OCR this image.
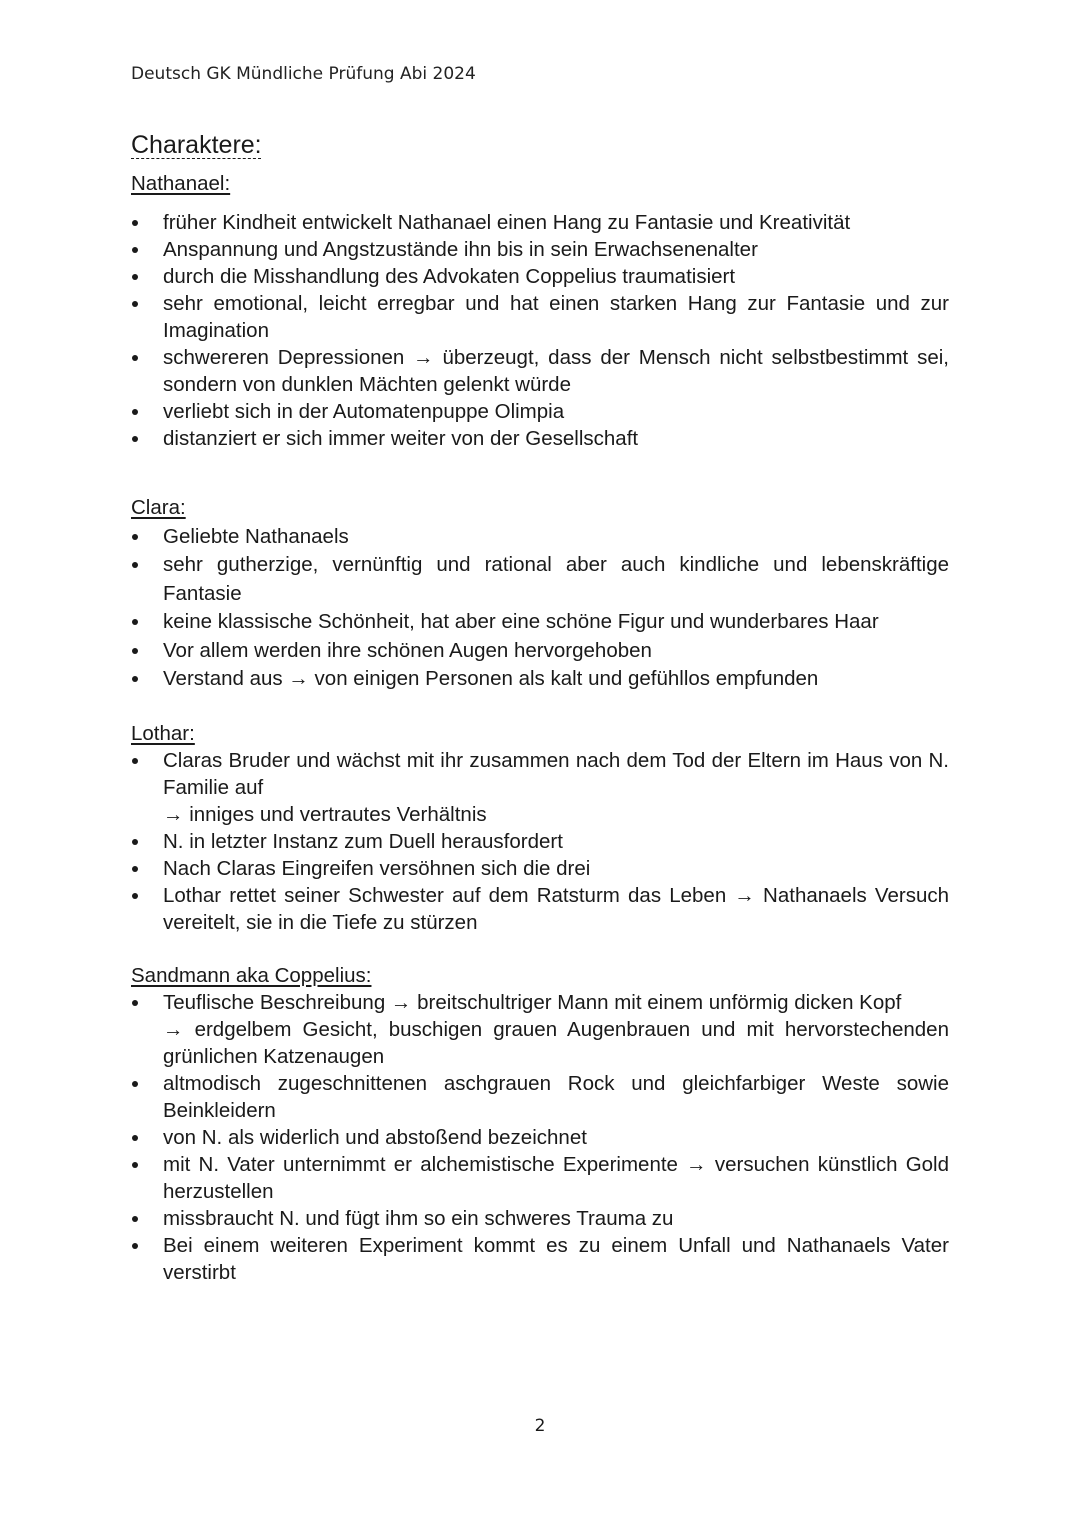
Deutsch GK Mündliche Prüfung Abi 2024
Charaktere:
Nathanael:
früher Kindheit entwickelt Nathanael einen Hang zu Fantasie und Kreativität
Anspannung und Angstzustände ihn bis in sein Erwachsenenalter
durch die Misshandlung des Advokaten Coppelius traumatisiert
sehr emotional, leicht erregbar und hat einen starken Hang zur Fantasie und zur Imagination
schwereren Depressionen → überzeugt, dass der Mensch nicht selbstbestimmt sei, sondern von dunklen Mächten gelenkt würde
verliebt sich in der Automatenpuppe Olimpia
distanziert er sich immer weiter von der Gesellschaft
Clara:
Geliebte Nathanaels
sehr gutherzige, vernünftig und rational aber auch kindliche und lebenskräftige Fantasie
keine klassische Schönheit, hat aber eine schöne Figur und wunderbares Haar
Vor allem werden ihre schönen Augen hervorgehoben
Verstand aus → von einigen Personen als kalt und gefühllos empfunden
Lothar:
Claras Bruder und wächst mit ihr zusammen nach dem Tod der Eltern im Haus von N. Familie auf
→ inniges und vertrautes Verhältnis
N. in letzter Instanz zum Duell herausfordert
Nach Claras Eingreifen versöhnen sich die drei
Lothar rettet seiner Schwester auf dem Ratsturm das Leben → Nathanaels Versuch vereitelt, sie in die Tiefe zu stürzen
Sandmann aka Coppelius:
Teuflische Beschreibung → breitschultriger Mann mit einem unförmig dicken Kopf
→ erdgelbem Gesicht, buschigen grauen Augenbrauen und mit hervorstechenden grünlichen Katzenaugen
altmodisch zugeschnittenen aschgrauen Rock und gleichfarbiger Weste sowie Beinkleidern
von N. als widerlich und abstoßend bezeichnet
mit N. Vater unternimmt er alchemistische Experimente → versuchen künstlich Gold herzustellen
missbraucht N. und fügt ihm so ein schweres Trauma zu
Bei einem weiteren Experiment kommt es zu einem Unfall und Nathanaels Vater verstirbt
2
